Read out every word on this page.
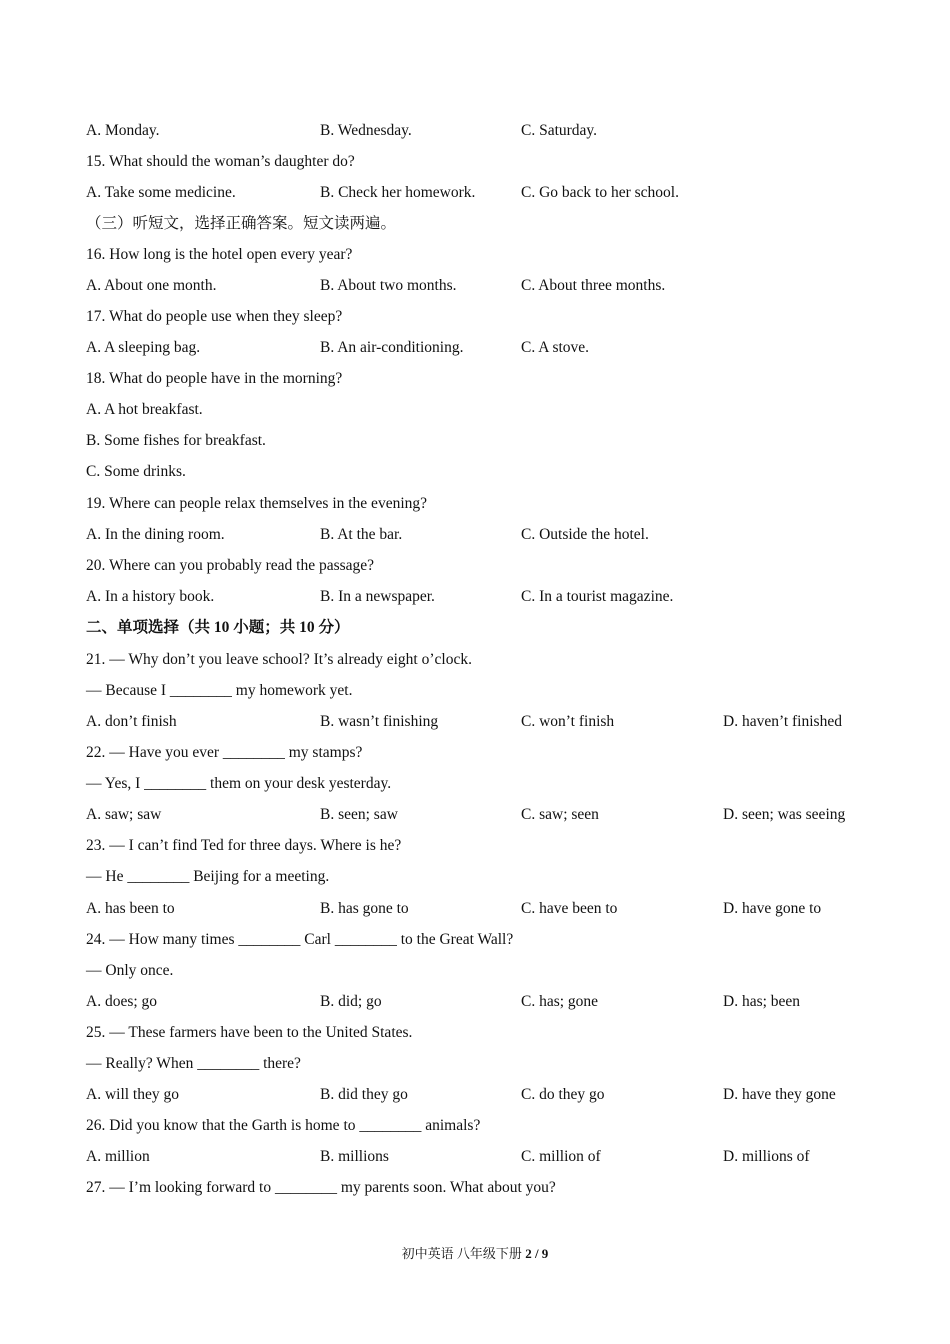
A. Monday.	B. Wednesday.	C. Saturday.
15. What should the woman’s daughter do?
A. Take some medicine.	B. Check her homework.	C. Go back to her school.
（三）听短文，选择正确答案。短文读两遍。
16. How long is the hotel open every year?
A. About one month.	B. About two months.	C. About three months.
17. What do people use when they sleep?
A. A sleeping bag.	B. An air-conditioning.	C. A stove.
18. What do people have in the morning?
A. A hot breakfast.
B. Some fishes for breakfast.
C. Some drinks.
19. Where can people relax themselves in the evening?
A. In the dining room.	B. At the bar.	C. Outside the hotel.
20. Where can you probably read the passage?
A. In a history book.	B. In a newspaper.	C. In a tourist magazine.
二、单项选择（共 10 小题；共 10 分）
21. — Why don’t you leave school? It’s already eight o’clock.
— Because I ________ my homework yet.
A. don’t finish	B. wasn’t finishing	C. won’t finish	D. haven’t finished
22. — Have you ever ________ my stamps?
— Yes, I ________ them on your desk yesterday.
A. saw; saw	B. seen; saw	C. saw; seen	D. seen; was seeing
23. — I can’t find Ted for three days. Where is he?
— He ________ Beijing for a meeting.
A. has been to	B. has gone to	C. have been to	D. have gone to
24. — How many times ________ Carl ________ to the Great Wall?
— Only once.
A. does; go	B. did; go	C. has; gone	D. has; been
25. — These farmers have been to the United States.
— Really? When ________ there?
A. will they go	B. did they go	C. do they go	D. have they gone
26. Did you know that the Garth is home to ________ animals?
A. million	B. millions	C. million of	D. millions of
27. — I’m looking forward to ________ my parents soon. What about you?
初中英语 八年级下册 2 / 9
